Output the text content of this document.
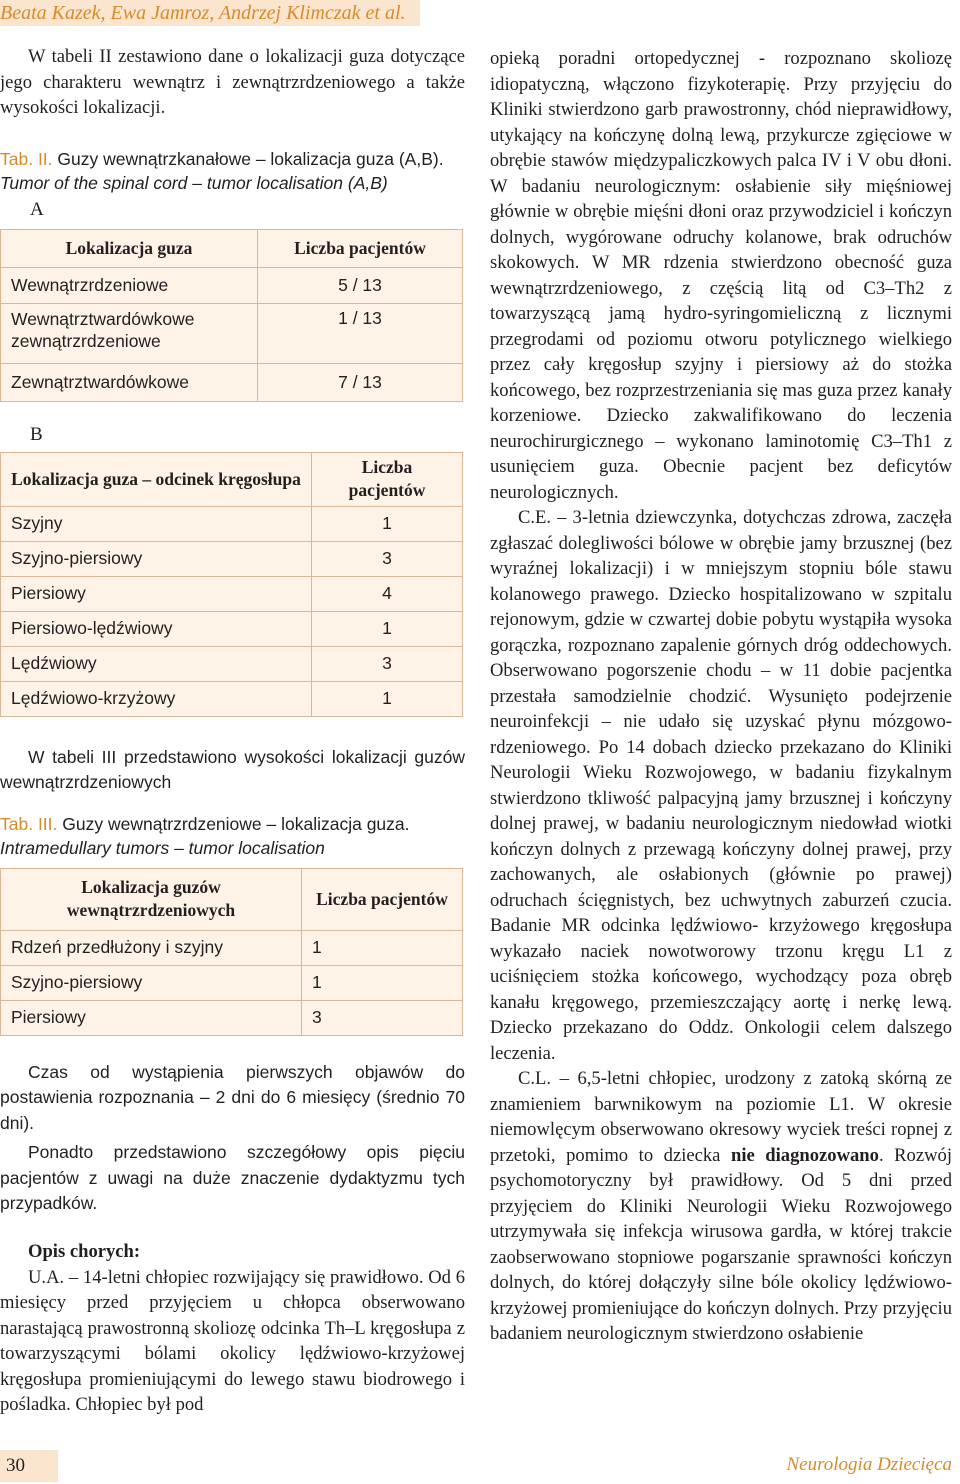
Beata Kazek, Ewa Jamroz, Andrzej Klimczak et al.

W tabeli II zestawiono dane o lokalizacji guza dotyczące jego charakteru wewnątrz i zewnątrzrdzeniowego a także wysokości lokalizacji.

Tab. II. Guzy wewnątrzkanałowe – lokalizacja guza (A,B). Tumor of the spinal cord – tumor localisation (A,B)

A

Lokalizacja guza	Liczba pacjentów
Wewnątrzrdzeniowe	5 / 13
Wewnątrztwardówkowe zewnątrzrdzeniowe	1 / 13
Zewnątrztwardówkowe	7 / 13

B

Lokalizacja guza – odcinek kręgosłupa	Liczba pacjentów
Szyjny	1
Szyjno-piersiowy	3
Piersiowy	4
Piersiowo-lędźwiowy	1
Lędźwiowy	3
Lędźwiowo-krzyżowy	1

W tabeli III przedstawiono wysokości lokalizacji guzów wewnątrzrdzeniowych

Tab. III. Guzy wewnątrzrdzeniowe – lokalizacja guza. Intramedullary tumors – tumor localisation

Lokalizacja guzów wewnątrzrdzeniowych	Liczba pacjentów
Rdzeń przedłużony i szyjny	1
Szyjno-piersiowy	1
Piersiowy	3

Czas od wystąpienia pierwszych objawów do postawienia rozpoznania – 2 dni do 6 miesięcy (średnio 70 dni).

Ponadto przedstawiono szczegółowy opis pięciu pacjentów z uwagi na duże znaczenie dydaktyzmu tych przypadków.

Opis chorych:

U.A. – 14-letni chłopiec rozwijający się prawidłowo. Od 6 miesięcy przed przyjęciem u chłopca obserwowano narastającą prawostronną skoliozę odcinka Th–L kręgosłupa z towarzyszącymi bólami okolicy lędźwiowo-krzyżowej kręgosłupa promieniującymi do lewego stawu biodrowego i pośladka. Chłopiec był pod

opieką poradni ortopedycznej - rozpoznano skoliozę idiopatyczną, włączono fizykoterapię. Przy przyjęciu do Kliniki stwierdzono garb prawostronny, chód nieprawidłowy, utykający na kończynę dolną lewą, przykurcze zgięciowe w obrębie stawów międzypaliczkowych palca IV i V obu dłoni. W badaniu neurologicznym: osłabienie siły mięśniowej głównie w obrębie mięśni dłoni oraz przywodziciel i kończyn dolnych, wygórowane odruchy kolanowe, brak odruchów skokowych. W MR rdzenia stwierdzono obecność guza wewnątrzrdzeniowego, z częścią litą od C3–Th2 z towarzyszącą jamą hydro-syringomieliczną z licznymi przegrodami od poziomu otworu potylicznego wielkiego przez cały kręgosłup szyjny i piersiowy aż do stożka końcowego, bez rozprzestrzeniania się mas guza przez kanały korzeniowe. Dziecko zakwalifikowano do leczenia neurochirurgicznego – wykonano laminotomię C3–Th1 z usunięciem guza. Obecnie pacjent bez deficytów neurologicznych.

C.E. – 3-letnia dziewczynka, dotychczas zdrowa, zaczęła zgłaszać dolegliwości bólowe w obrębie jamy brzusznej (bez wyraźnej lokalizacji) i w mniejszym stopniu bóle stawu kolanowego prawego. Dziecko hospitalizowano w szpitalu rejonowym, gdzie w czwartej dobie pobytu wystąpiła wysoka gorączka, rozpoznano zapalenie górnych dróg oddechowych. Obserwowano pogorszenie chodu – w 11 dobie pacjentka przestała samodzielnie chodzić. Wysunięto podejrzenie neuroinfekcji – nie udało się uzyskać płynu mózgowo-rdzeniowego. Po 14 dobach dziecko przekazano do Kliniki Neurologii Wieku Rozwojowego, w badaniu fizykalnym stwierdzono tkliwość palpacyjną jamy brzusznej i kończyny dolnej prawej, w badaniu neurologicznym niedowład wiotki kończyn dolnych z przewagą kończyny dolnej prawej, przy zachowanych, ale osłabionych (głównie po prawej) odruchach ścięgnistych, bez uchwytnych zaburzeń czucia. Badanie MR odcinka lędźwiowo- krzyżowego kręgosłupa wykazało naciek nowotworowy trzonu kręgu L1 z uciśnięciem stożka końcowego, wychodzący poza obręb kanału kręgowego, przemieszczający aortę i nerkę lewą. Dziecko przekazano do Oddz. Onkologii celem dalszego leczenia.

C.L. – 6,5-letni chłopiec, urodzony z zatoką skórną ze znamieniem barwnikowym na poziomie L1. W okresie niemowlęcym obserwowano okresowy wyciek treści ropnej z przetoki, pomimo to dziecka nie diagnozowano. Rozwój psychomotoryczny był prawidłowy. Od 5 dni przed przyjęciem do Kliniki Neurologii Wieku Rozwojowego utrzymywała się infekcja wirusowa gardła, w której trakcie zaobserwowano stopniowe pogarszanie sprawności kończyn dolnych, do której dołączyły silne bóle okolicy lędźwiowo-krzyżowej promieniujące do kończyn dolnych. Przy przyjęciu badaniem neurologicznym stwierdzono osłabienie

30	Neurologia Dziecięca
